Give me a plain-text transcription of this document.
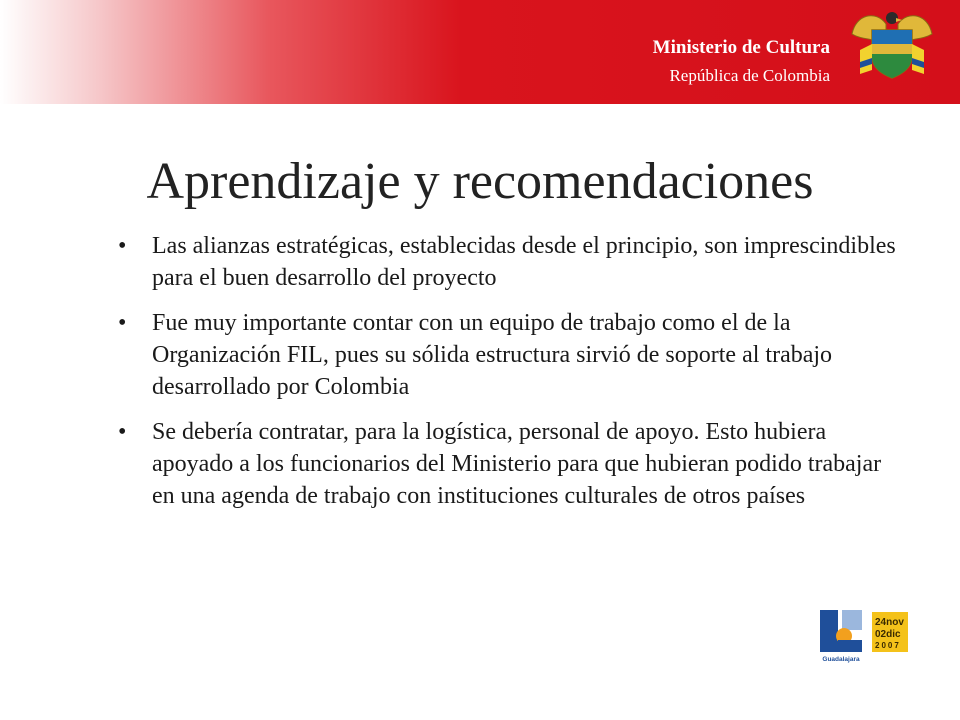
Ministerio de Cultura
República de Colombia
Aprendizaje y recomendaciones
• Las alianzas estratégicas, establecidas desde el principio, son imprescindibles para el buen desarrollo del proyecto
• Fue muy importante contar con un equipo de trabajo como el de la Organización FIL, pues su sólida estructura sirvió de soporte al trabajo desarrollado por Colombia
• Se debería contratar, para la logística, personal de apoyo. Esto hubiera apoyado a los funcionarios del Ministerio para que hubieran podido trabajar en una agenda de trabajo con instituciones culturales de otros países
Guadalajara
24nov
02dic
2007
